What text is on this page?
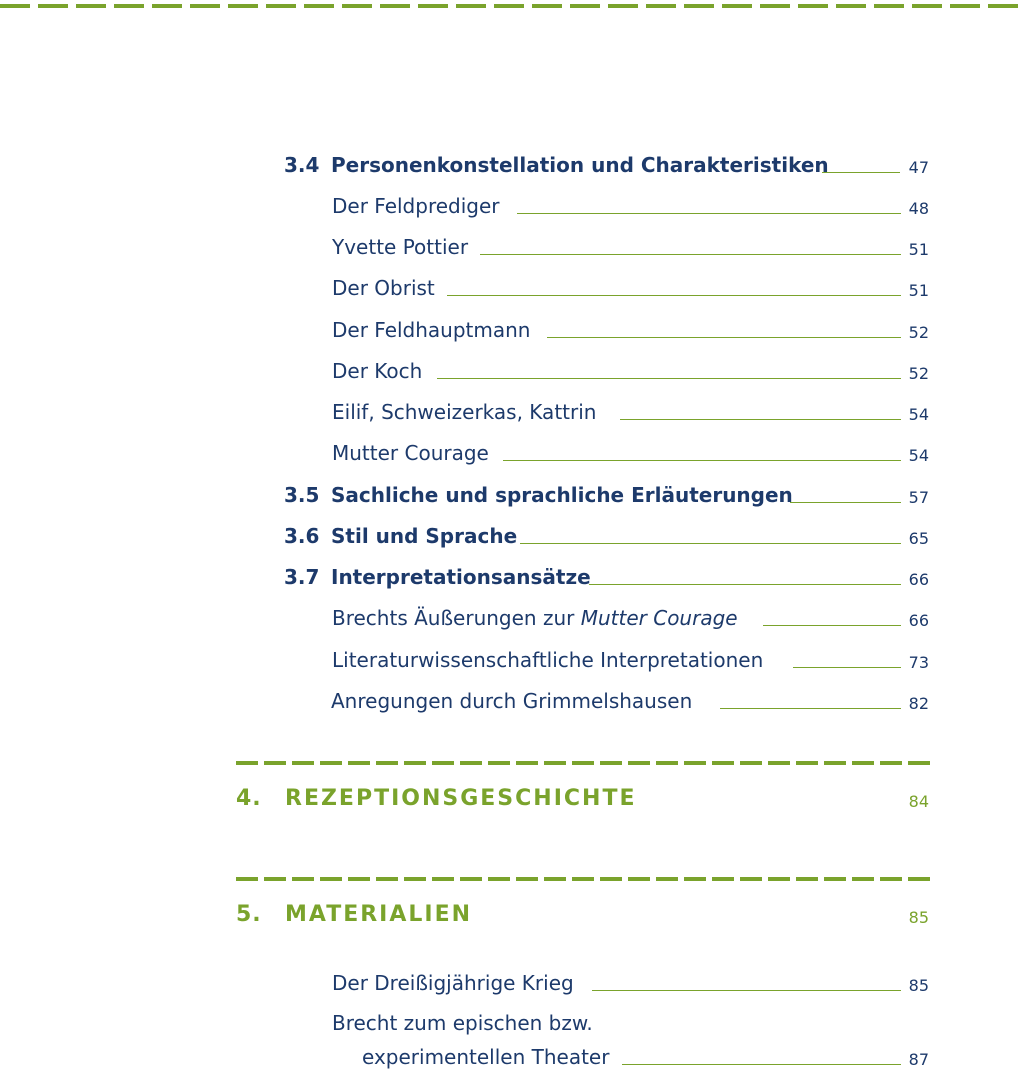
3.4 Personenkonstellation und Charakteristiken	47
Der Feldprediger	48
Yvette Pottier	51
Der Obrist	51
Der Feldhauptmann	52
Der Koch	52
Eilif, Schweizerkas, Kattrin	54
Mutter Courage	54
3.5 Sachliche und sprachliche Erläuterungen	57
3.6 Stil und Sprache	65
3.7 Interpretationsansätze	66
Brechts Äußerungen zur Mutter Courage	66
Literaturwissenschaftliche Interpretationen	73
Anregungen durch Grimmelshausen	82
4. REZEPTIONSGESCHICHTE	84
5. MATERIALIEN	85
Der Dreißigjährige Krieg	85
Brecht zum epischen bzw.
experimentellen Theater	87
